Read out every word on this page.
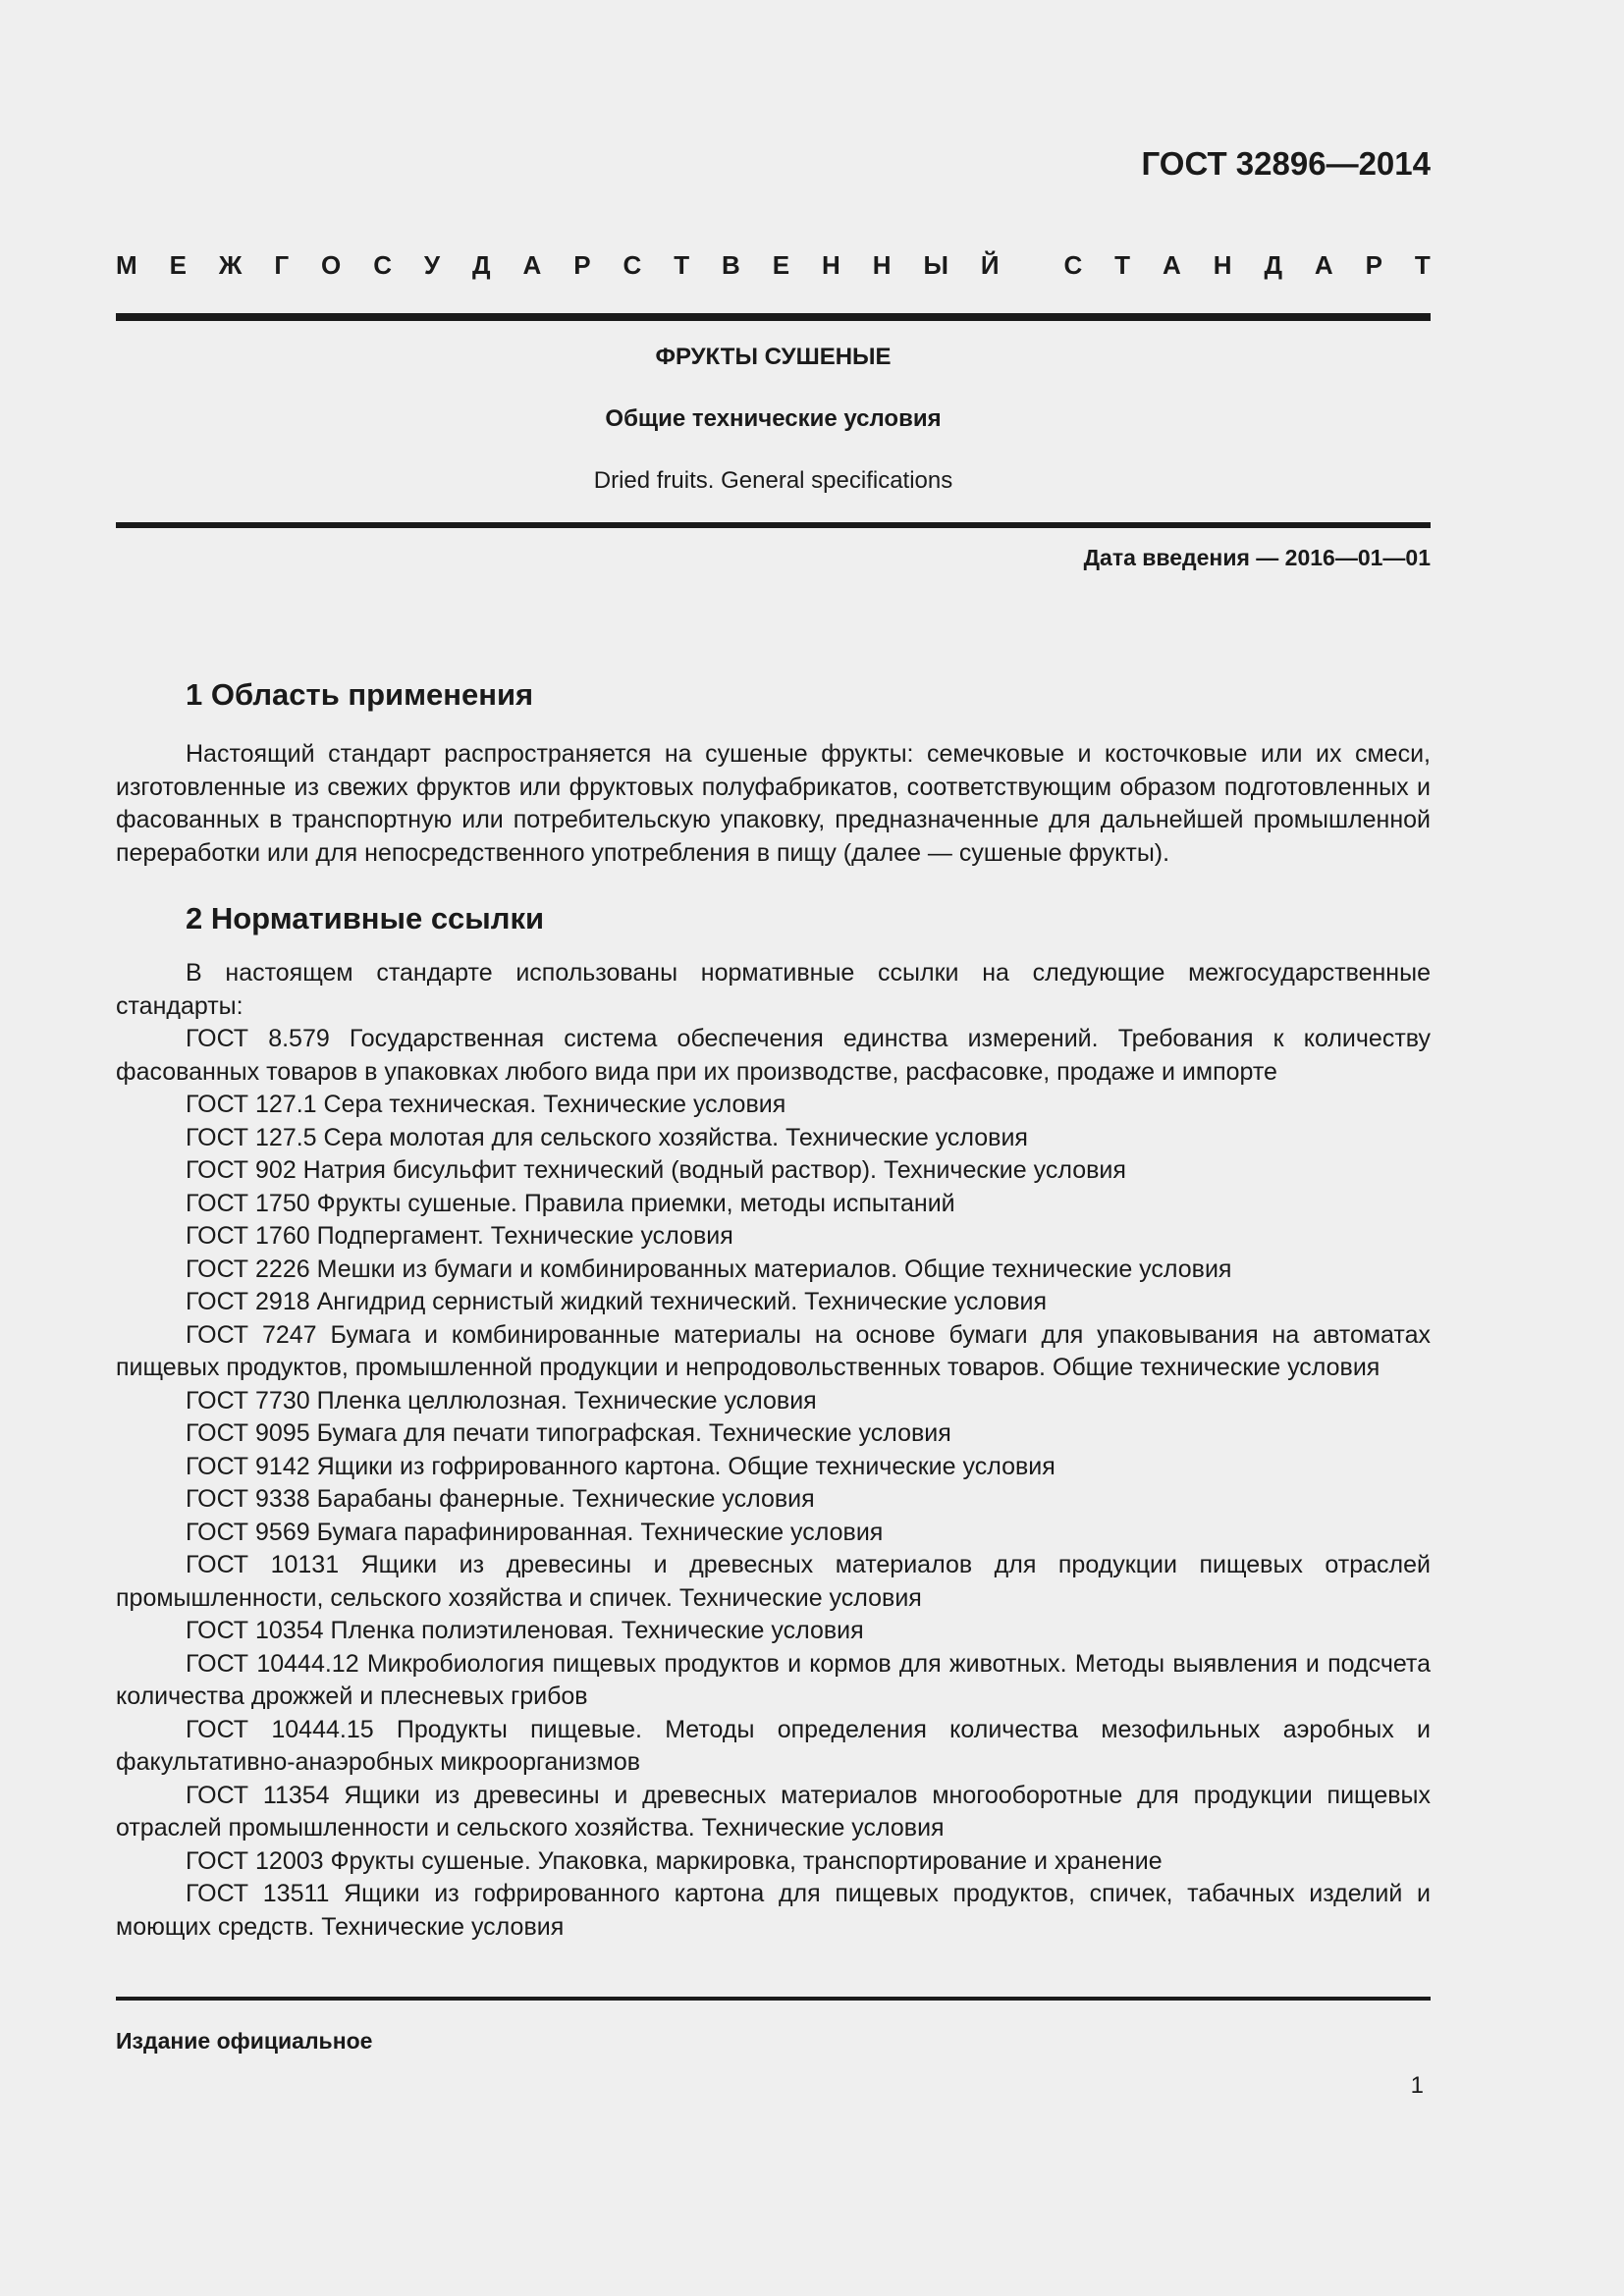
ГОСТ 32896—2014
М Е Ж Г О С У Д А Р С Т В Е Н Н Ы Й	С Т А Н Д А Р Т
ФРУКТЫ СУШЕНЫЕ
Общие технические условия
Dried fruits. General specifications
Дата введения — 2016—01—01
1 Область применения

Настоящий стандарт распространяется на сушеные фрукты: семечковые и косточковые или их смеси, изготовленные из свежих фруктов или фруктовых полуфабрикатов, соответствующим образом подготовленных и фасованных в транспортную или потребительскую упаковку, предназначенные для дальнейшей промышленной переработки или для непосредственного употребления в пищу (далее — сушеные фрукты).

2 Нормативные ссылки

В настоящем стандарте использованы нормативные ссылки на следующие межгосударственные стандарты:

ГОСТ 8.579 Государственная система обеспечения единства измерений. Требования к количеству фасованных товаров в упаковках любого вида при их производстве, расфасовке, продаже и импорте

ГОСТ 127.1 Сера техническая. Технические условия

ГОСТ 127.5 Сера молотая для сельского хозяйства. Технические условия

ГОСТ 902 Натрия бисульфит технический (водный раствор). Технические условия

ГОСТ 1750 Фрукты сушеные. Правила приемки, методы испытаний

ГОСТ 1760 Подпергамент. Технические условия

ГОСТ 2226 Мешки из бумаги и комбинированных материалов. Общие технические условия

ГОСТ 2918 Ангидрид сернистый жидкий технический. Технические условия

ГОСТ 7247 Бумага и комбинированные материалы на основе бумаги для упаковывания на автоматах пищевых продуктов, промышленной продукции и непродовольственных товаров. Общие технические условия

ГОСТ 7730 Пленка целлюлозная. Технические условия

ГОСТ 9095 Бумага для печати типографская. Технические условия

ГОСТ 9142 Ящики из гофрированного картона. Общие технические условия

ГОСТ 9338 Барабаны фанерные. Технические условия

ГОСТ 9569 Бумага парафинированная. Технические условия

ГОСТ 10131 Ящики из древесины и древесных материалов для продукции пищевых отраслей промышленности, сельского хозяйства и спичек. Технические условия

ГОСТ 10354 Пленка полиэтиленовая. Технические условия

ГОСТ 10444.12 Микробиология пищевых продуктов и кормов для животных. Методы выявления и подсчета количества дрожжей и плесневых грибов

ГОСТ 10444.15 Продукты пищевые. Методы определения количества мезофильных аэробных и факультативно-анаэробных микроорганизмов

ГОСТ 11354 Ящики из древесины и древесных материалов многооборотные для продукции пищевых отраслей промышленности и сельского хозяйства. Технические условия

ГОСТ 12003 Фрукты сушеные. Упаковка, маркировка, транспортирование и хранение

ГОСТ 13511 Ящики из гофрированного картона для пищевых продуктов, спичек, табачных изделий и моющих средств. Технические условия

Издание официальное
1
